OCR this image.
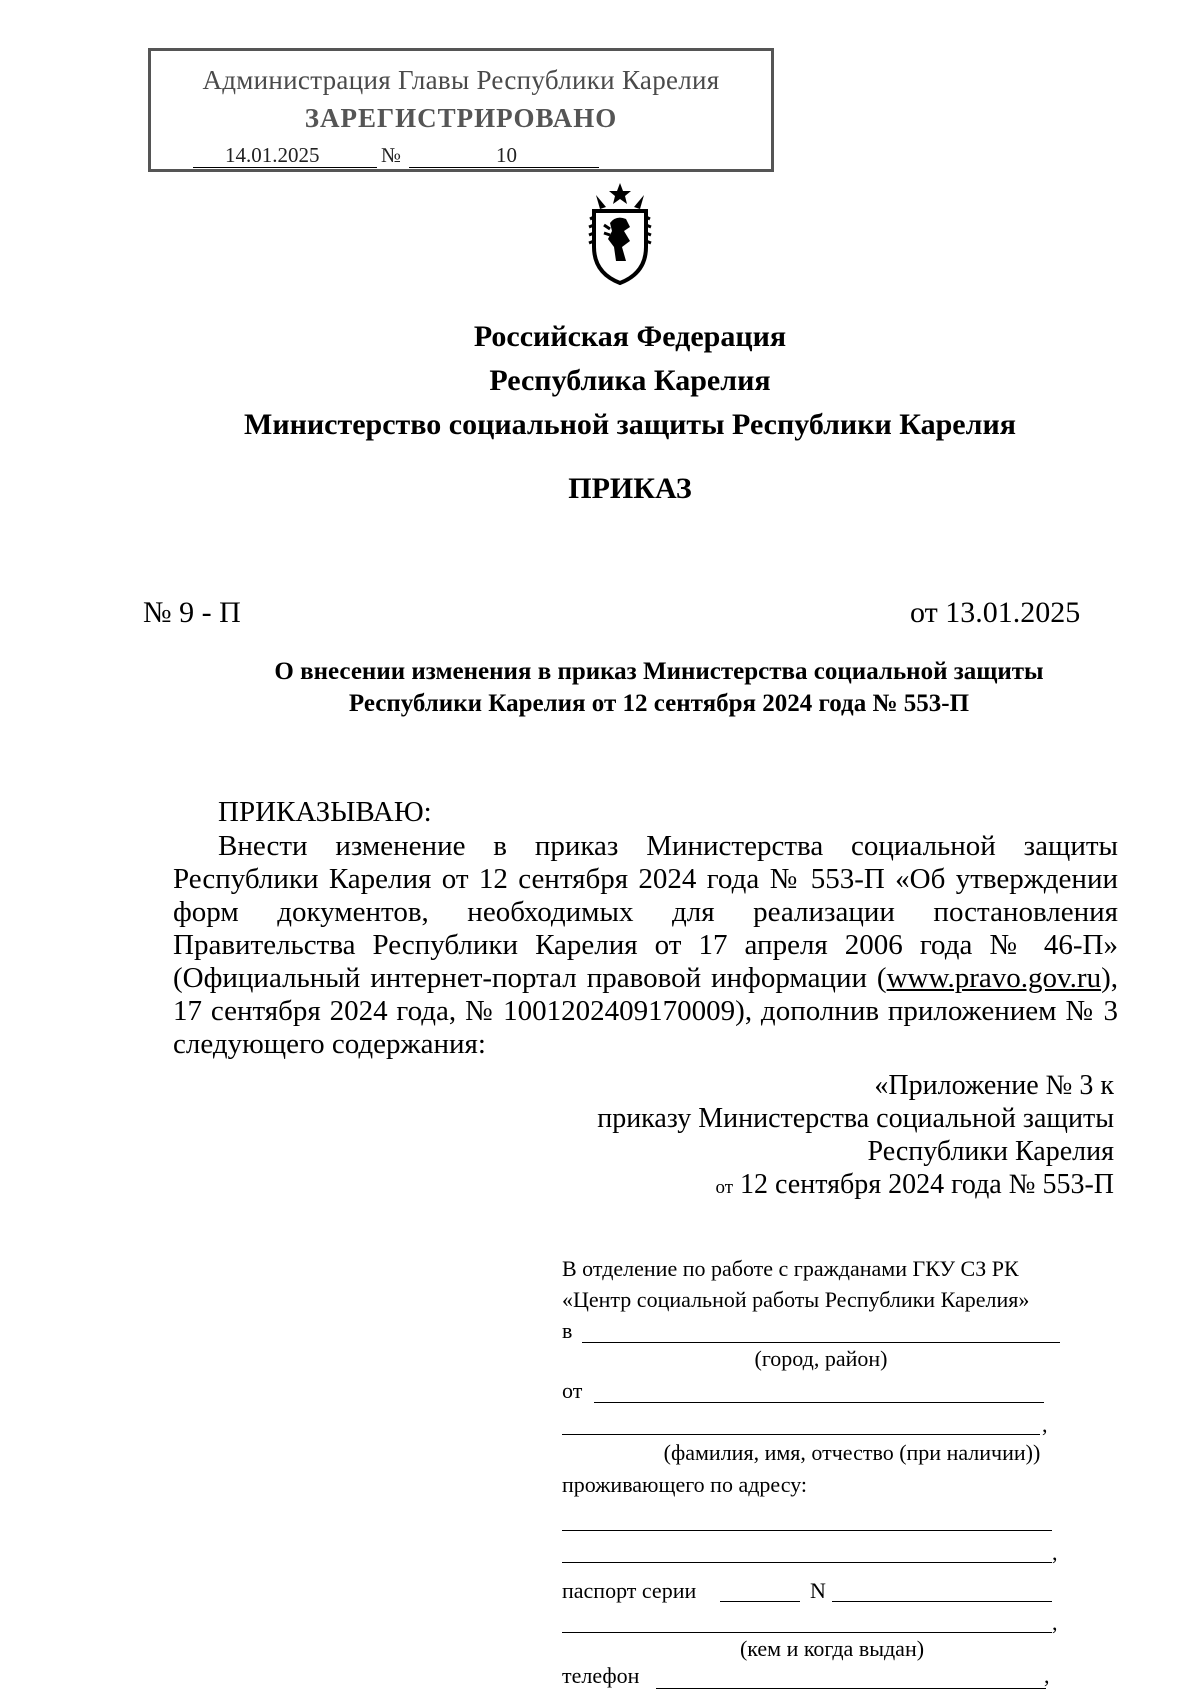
Администрация Главы Республики Карелия
ЗАРЕГИСТРИРОВАНО
14.01.2025	№	10
Российская Федерация
Республика Карелия
Министерство социальной защиты Республики Карелия
ПРИКАЗ
№ 9 - П	от 13.01.2025
О внесении изменения в приказ Министерства социальной защиты
Республики Карелия от 12 сентября 2024 года № 553-П
ПРИКАЗЫВАЮ:

Внести изменение в приказ Министерства социальной защиты Республики Карелия от 12 сентября 2024 года № 553-П «Об утверждении форм документов, необходимых для реализации постановления Правительства Республики Карелия от 17 апреля 2006 года № 46-П» (Официальный интернет-портал правовой информации (www.pravo.gov.ru), 17 сентября 2024 года, № 1001202409170009), дополнив приложением № 3 следующего содержания:

«Приложение № 3 к
приказу Министерства социальной защиты
Республики Карелия
от 12 сентября 2024 года № 553-П
В отделение по работе с гражданами ГКУ СЗ РК
«Центр социальной работы Республики Карелия»
в
(город, район)
от
,
(фамилия, имя, отчество (при наличии))
проживающего по адресу:
,
паспорт серии	N
,
(кем и когда выдан)
телефон	,
